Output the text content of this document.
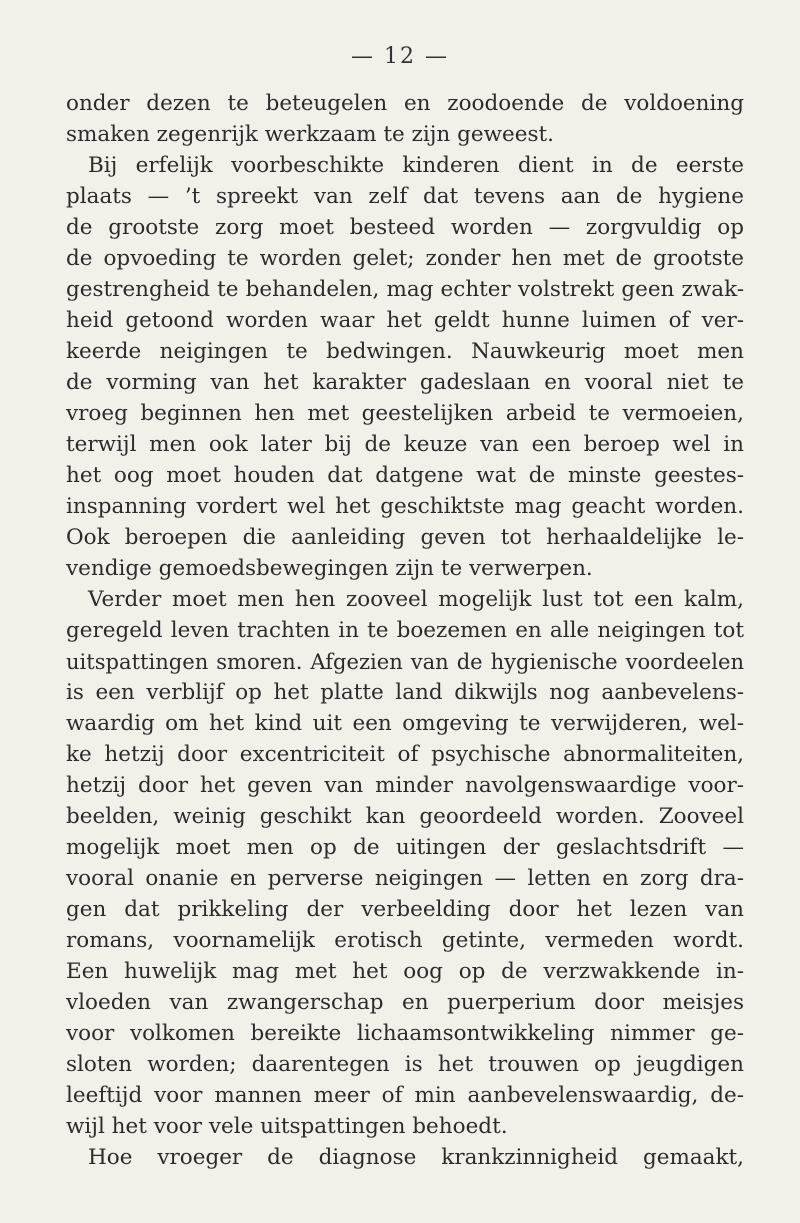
— 12 —
onder dezen te beteugelen en zoodoende de voldoening
smaken zegenrijk werkzaam te zijn geweest.
Bij erfelijk voorbeschikte kinderen dient in de eerste
plaats — ’t spreekt van zelf dat tevens aan de hygiene
de grootste zorg moet besteed worden — zorgvuldig op
de opvoeding te worden gelet; zonder hen met de grootste
gestrengheid te behandelen, mag echter volstrekt geen zwak-
heid getoond worden waar het geldt hunne luimen of ver-
keerde neigingen te bedwingen. Nauwkeurig moet men
de vorming van het karakter gadeslaan en vooral niet te
vroeg beginnen hen met geestelijken arbeid te vermoeien,
terwijl men ook later bij de keuze van een beroep wel in
het oog moet houden dat datgene wat de minste geestes-
inspanning vordert wel het geschiktste mag geacht worden.
Ook beroepen die aanleiding geven tot herhaaldelijke le-
vendige gemoedsbewegingen zijn te verwerpen.
Verder moet men hen zooveel mogelijk lust tot een kalm,
geregeld leven trachten in te boezemen en alle neigingen tot
uitspattingen smoren. Afgezien van de hygienische voordeelen
is een verblijf op het platte land dikwijls nog aanbevelens-
waardig om het kind uit een omgeving te verwijderen, wel-
ke hetzij door excentriciteit of psychische abnormaliteiten,
hetzij door het geven van minder navolgenswaardige voor-
beelden, weinig geschikt kan geoordeeld worden. Zooveel
mogelijk moet men op de uitingen der geslachtsdrift —
vooral onanie en perverse neigingen — letten en zorg dra-
gen dat prikkeling der verbeelding door het lezen van
romans, voornamelijk erotisch getinte, vermeden wordt.
Een huwelijk mag met het oog op de verzwakkende in-
vloeden van zwangerschap en puerperium door meisjes
voor volkomen bereikte lichaamsontwikkeling nimmer ge-
sloten worden; daarentegen is het trouwen op jeugdigen
leeftijd voor mannen meer of min aanbevelenswaardig, de-
wijl het voor vele uitspattingen behoedt.
Hoe vroeger de diagnose krankzinnigheid gemaakt,
